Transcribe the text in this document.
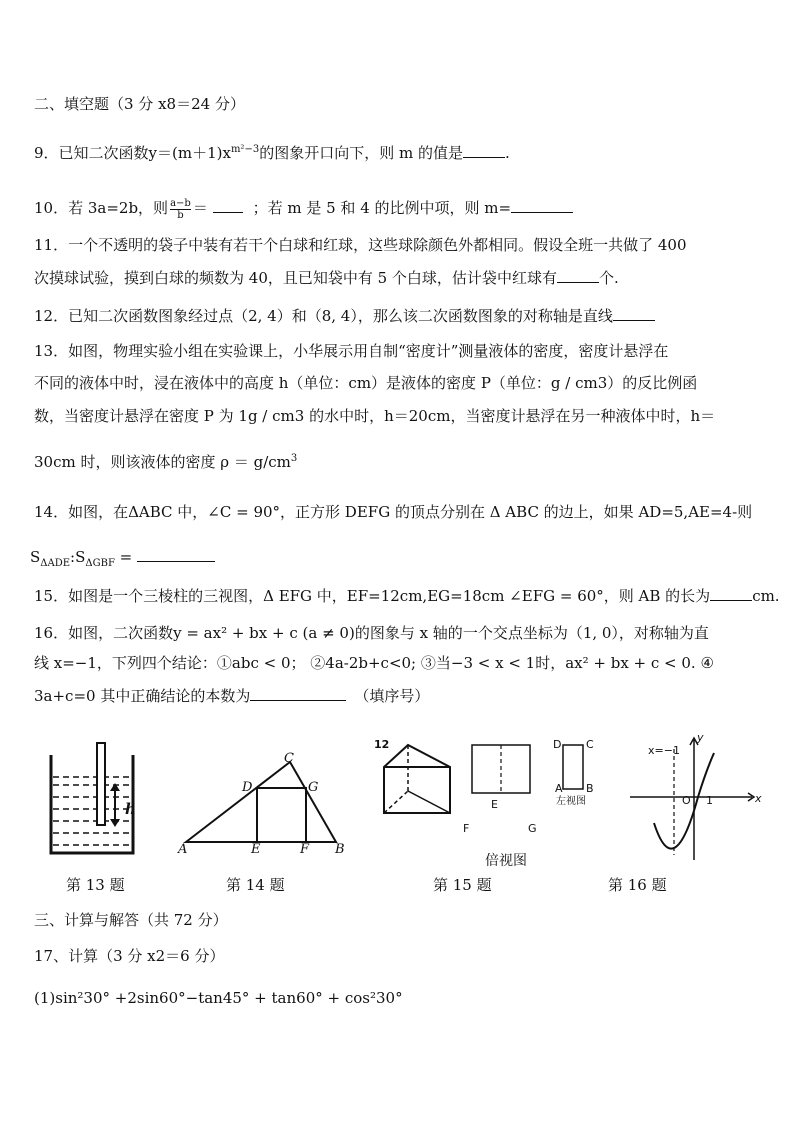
二、填空题（3 分 x8＝24 分）
9．已知二次函数$y=(m+1)x^{m^2-3}$的图象开口向下，则 m 的值是	.
10．若 3a=2b，则 $\frac{a-b}{b}$ ＝	；若 m 是 5 和 4 的比例中项，则 m=
11．一个不透明的袋子中装有若干个白球和红球，这些球除颜色外都相同。假设全班一共做了 400
次摸球试验，摸到白球的频数为 40，且已知袋中有 5 个白球，估计袋中红球有	个.
12．已知二次函数图象经过点（2, 4）和（8, 4），那么该二次函数图象的对称轴是直线
13．如图，物理实验小组在实验课上，小华展示用自制“密度计”测量液体的密度，密度计悬浮在
不同的液体中时，浸在液体中的高度 h（单位：cm）是液体的密度 P（单位：g / cm3）的反比例函
数，当密度计悬浮在密度 P 为 1g / cm3 的水中时，h＝20cm，当密度计悬浮在另一种液体中时，h＝
30cm 时，则该液体的密度 $\rho = g/cm^3$
14．如图，在ΔABC 中，∠C = 90°，正方形 DEFG 的顶点分别在 Δ ABC 的边上，如果 AD=5,AE=4-则
$S_{\Delta ADE}:S_{\Delta GBF}$ =
15．如图是一个三棱柱的三视图，Δ EFG 中，EF=12cm,EG=18cm ∠EFG = 60°，则 AB 的长为	cm.
16．如图，二次函数y = ax² + bx + c (a ≠ 0)的图象与 x 轴的一个交点坐标为（1, 0），对称轴为直
线 x=−1，下列四个结论：①abc < 0； ②4a-2b+c<0; ③当−3 < x < 1时，ax² + bx + c < 0. ④
3a+c=0 其中正确结论的本数为	（填序号）
h
A	E	F B
C
D	G
12
E
F	G
D C
A B
左视图
倍视图
x=−1
y
O 1	x
第 13 题	第 14 题	第 15 题	第 16 题
三、计算与解答（共 72 分）
17、计算（3 分 x2＝6 分）
(1)sin²30° +2sin60°−tan45° + tan60° + cos²30°
